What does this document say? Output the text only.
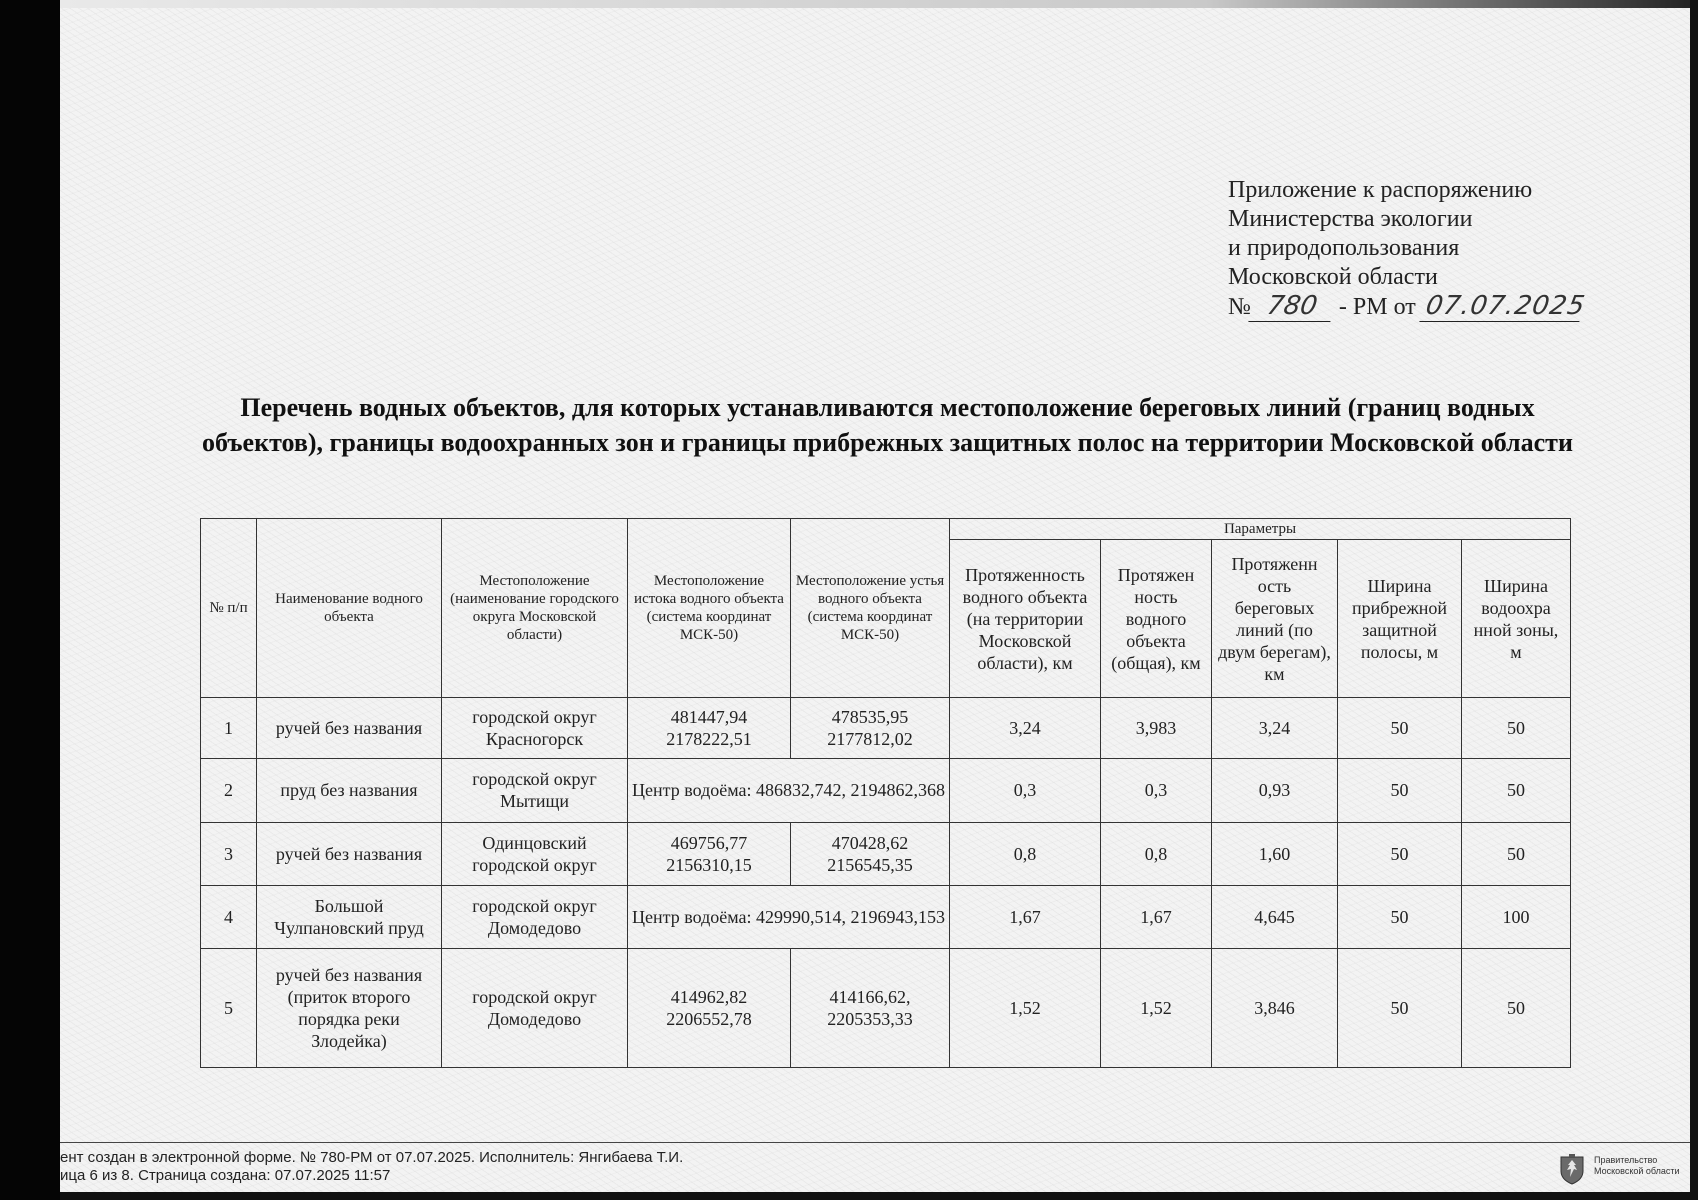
Приложение к распоряжению
Министерства экологии
и природопользования
Московской области
№ 780 - РМ от 07.07.2025
Перечень водных объектов, для которых устанавливаются местоположение береговых линий (границ водных объектов), границы водоохранных зон и границы прибрежных защитных полос на территории Московской области
№ п/п	Наименование водного объекта	Местоположение (наименование городского округа Московской области)	Местоположение истока водного объекта (система координат МСК-50)	Местоположение устья водного объекта (система координат МСК-50)	Параметры				
					Протяженность водного объекта (на территории Московской области), км	Протяжен ность водного объекта (общая), км	Протяженн ость береговых линий (по двум берегам), км	Ширина прибрежной защитной полосы, м	Ширина водоохра нной зоны, м
1	ручей без названия	городской округ Красногорск	481447,94 2178222,51	478535,95 2177812,02	3,24	3,983	3,24	50	50
2	пруд без названия	городской округ Мытищи	Центр водоёма: 486832,742, 2194862,368		0,3	0,3	0,93	50	50
3	ручей без названия	Одинцовский городской округ	469756,77 2156310,15	470428,62 2156545,35	0,8	0,8	1,60	50	50
4	Большой Чулпановский пруд	городской округ Домодедово	Центр водоёма: 429990,514, 2196943,153		1,67	1,67	4,645	50	100
5	ручей без названия (приток второго порядка реки Злодейка)	городской округ Домодедово	414962,82 2206552,78	414166,62, 2205353,33	1,52	1,52	3,846	50	50
ент создан в электронной форме. № 780-РМ от 07.07.2025. Исполнитель: Янгибаева Т.И.
ица 6 из 8. Страница создана: 07.07.2025 11:57
Правительство
Московской области
